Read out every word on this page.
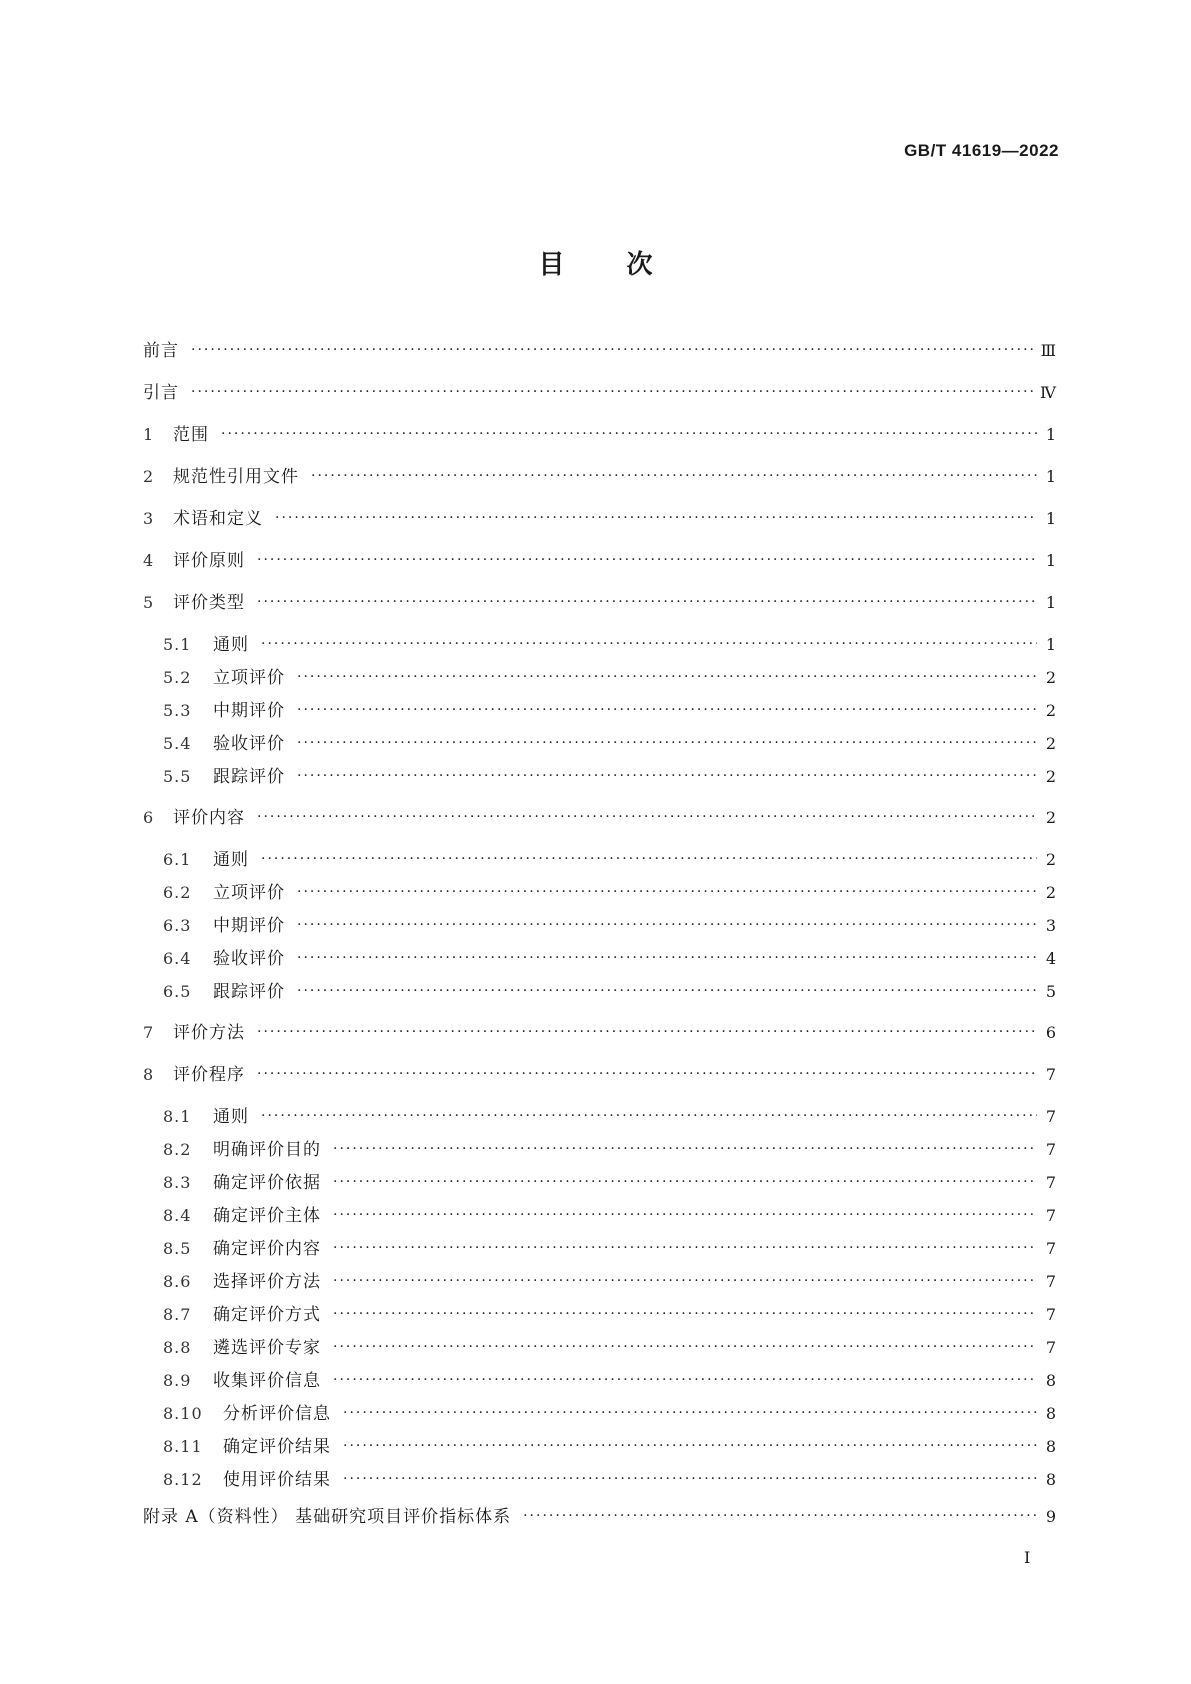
GB/T 41619—2022
目次
前言 ·····	Ⅲ
引言 ·····	Ⅳ
1	范围 ·····	1
2	规范性引用文件 ·····	1
3	术语和定义 ·····	1
4	评价原则 ·····	1
5	评价类型 ·····	1
5.1	通则 ·····	1
5.2	立项评价 ·····	2
5.3	中期评价 ·····	2
5.4	验收评价 ·····	2
5.5	跟踪评价 ·····	2
6	评价内容 ·····	2
6.1	通则 ·····	2
6.2	立项评价 ·····	2
6.3	中期评价 ·····	3
6.4	验收评价 ·····	4
6.5	跟踪评价 ·····	5
7	评价方法 ·····	6
8	评价程序 ·····	7
8.1	通则 ·····	7
8.2	明确评价目的 ·····	7
8.3	确定评价依据 ·····	7
8.4	确定评价主体 ·····	7
8.5	确定评价内容 ·····	7
8.6	选择评价方法 ·····	7
8.7	确定评价方式 ·····	7
8.8	遴选评价专家 ·····	7
8.9	收集评价信息 ·····	8
8.10	分析评价信息 ·····	8
8.11	确定评价结果 ·····	8
8.12	使用评价结果 ·····	8
附录 A（资料性） 基础研究项目评价指标体系 ·····	9
I
